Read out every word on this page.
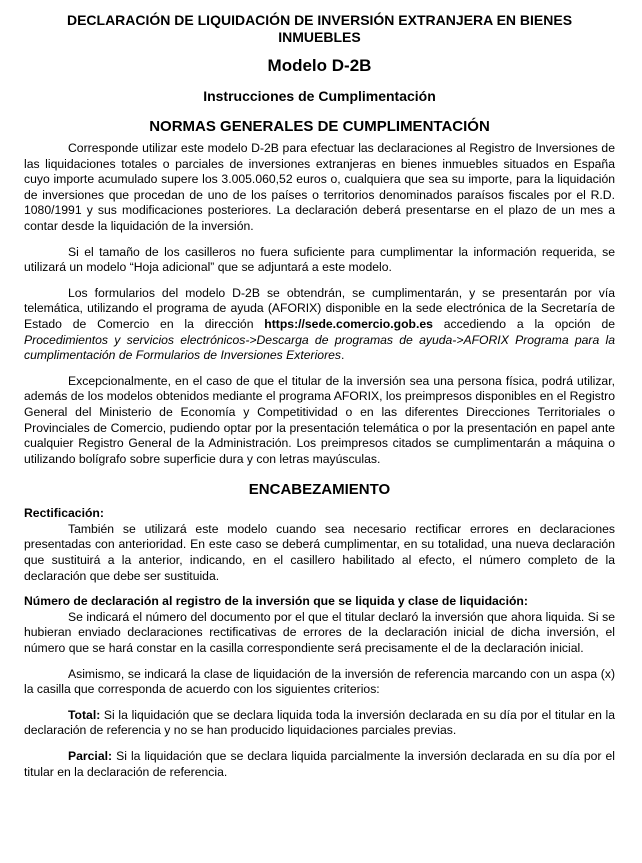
DECLARACIÓN DE LIQUIDACIÓN DE INVERSIÓN EXTRANJERA EN BIENES INMUEBLES
Modelo D-2B
Instrucciones de Cumplimentación
NORMAS GENERALES DE CUMPLIMENTACIÓN

Corresponde utilizar este modelo D-2B para efectuar las declaraciones al Registro de Inversiones de las liquidaciones totales o parciales de inversiones extranjeras en bienes inmuebles situados en España cuyo importe acumulado supere los 3.005.060,52 euros o, cualquiera que sea su importe, para la liquidación de inversiones que procedan de uno de los países o territorios denominados paraísos fiscales por el R.D. 1080/1991 y sus modificaciones posteriores. La declaración deberá presentarse en el plazo de un mes a contar desde la liquidación de la inversión.

Si el tamaño de los casilleros no fuera suficiente para cumplimentar la información requerida, se utilizará un modelo “Hoja adicional” que se adjuntará a este modelo.

Los formularios del modelo D-2B se obtendrán, se cumplimentarán, y se presentarán por vía telemática, utilizando el programa de ayuda (AFORIX) disponible en la sede electrónica de la Secretaría de Estado de Comercio en la dirección https://sede.comercio.gob.es accediendo a la opción de Procedimientos y servicios electrónicos->Descarga de programas de ayuda->AFORIX Programa para la cumplimentación de Formularios de Inversiones Exteriores.

Excepcionalmente, en el caso de que el titular de la inversión sea una persona física, podrá utilizar, además de los modelos obtenidos mediante el programa AFORIX, los preimpresos disponibles en el Registro General del Ministerio de Economía y Competitividad o en las diferentes Direcciones Territoriales o Provinciales de Comercio, pudiendo optar por la presentación telemática o por la presentación en papel ante cualquier Registro General de la Administración. Los preimpresos citados se cumplimentarán a máquina o utilizando bolígrafo sobre superficie dura y con letras mayúsculas.

ENCABEZAMIENTO
Rectificación:

También se utilizará este modelo cuando sea necesario rectificar errores en declaraciones presentadas con anterioridad. En este caso se deberá cumplimentar, en su totalidad, una nueva declaración que sustituirá a la anterior, indicando, en el casillero habilitado al efecto, el número completo de la declaración que debe ser sustituida.

Número de declaración al registro de la inversión que se liquida y clase de liquidación:

Se indicará el número del documento por el que el titular declaró la inversión que ahora liquida. Si se hubieran enviado declaraciones rectificativas de errores de la declaración inicial de dicha inversión, el número que se hará constar en la casilla correspondiente será precisamente el de la declaración inicial.

Asimismo, se indicará la clase de liquidación de la inversión de referencia marcando con un aspa (x) la casilla que corresponda de acuerdo con los siguientes criterios:

Total: Si la liquidación que se declara liquida toda la inversión declarada en su día por el titular en la declaración de referencia y no se han producido liquidaciones parciales previas.

Parcial: Si la liquidación que se declara liquida parcialmente la inversión declarada en su día por el titular en la declaración de referencia.
